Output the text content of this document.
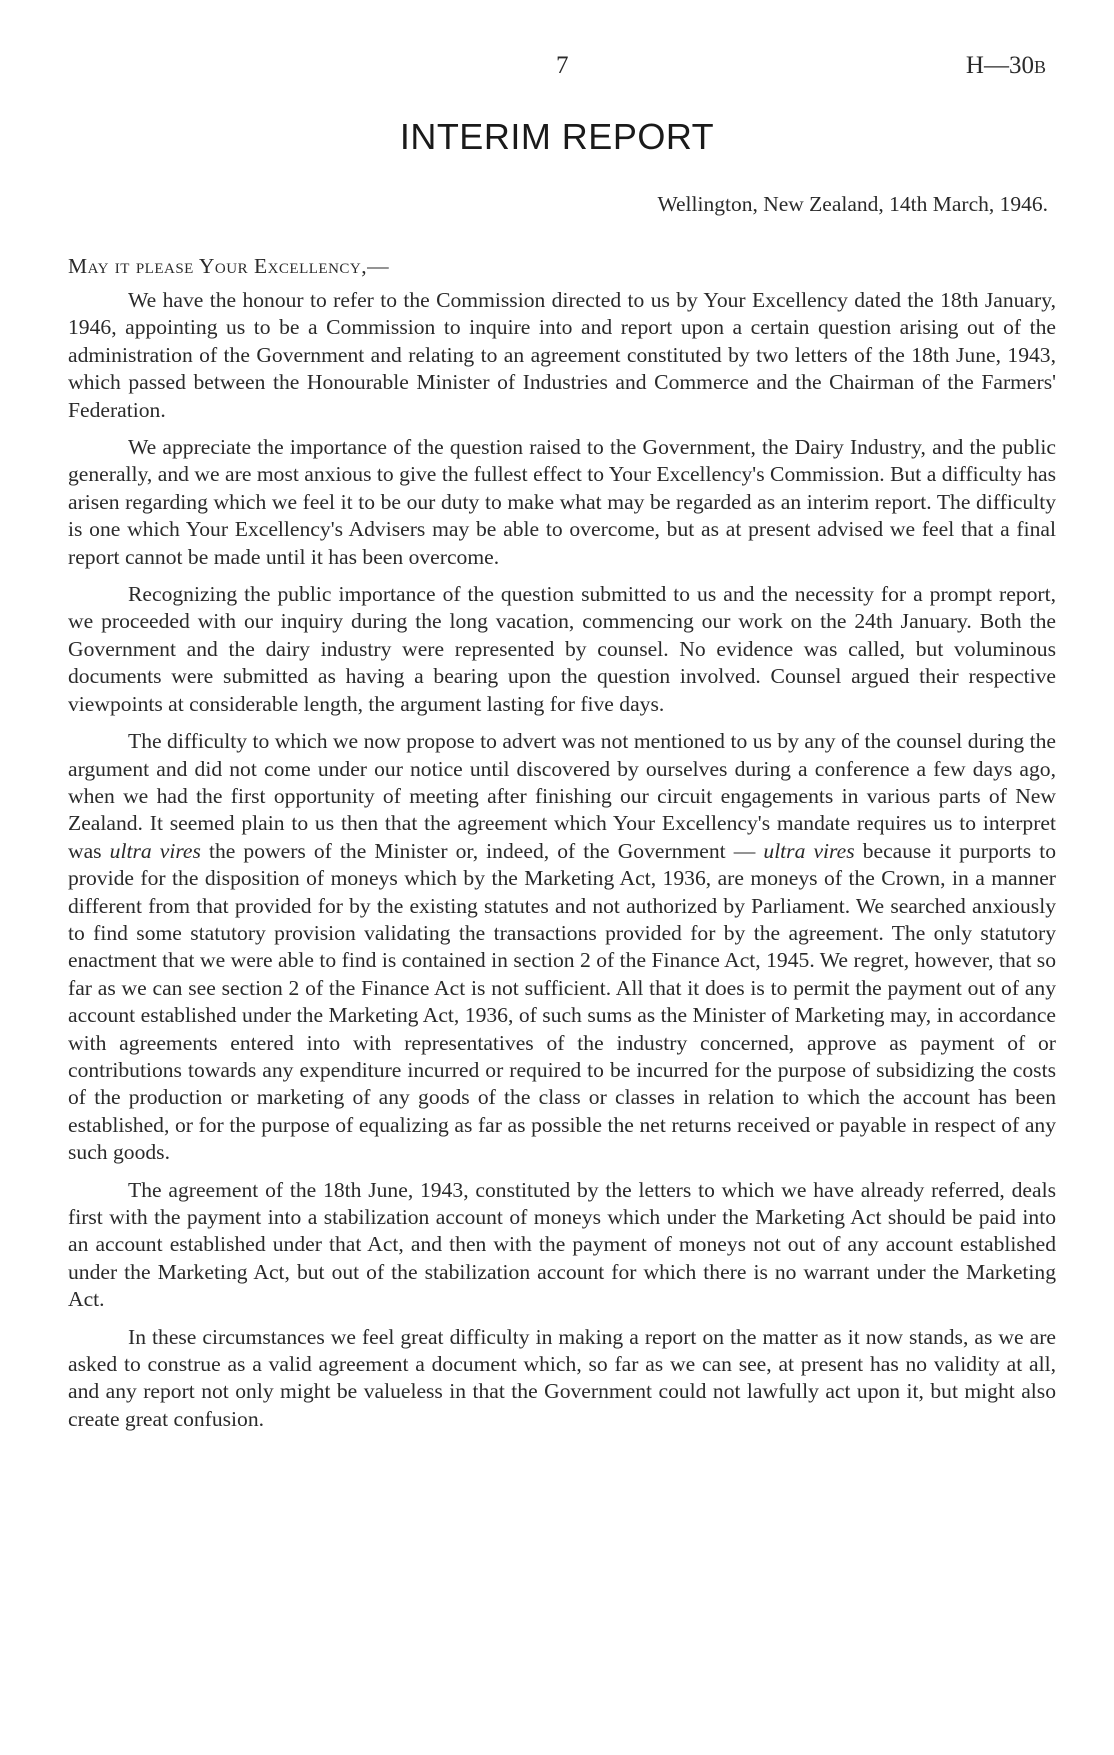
7	H—30B
INTERIM REPORT
Wellington, New Zealand, 14th March, 1946.
May it please Your Excellency,—

We have the honour to refer to the Commission directed to us by Your Excellency dated the 18th January, 1946, appointing us to be a Commission to inquire into and report upon a certain question arising out of the administration of the Government and relating to an agreement constituted by two letters of the 18th June, 1943, which passed between the Honourable Minister of Industries and Commerce and the Chairman of the Farmers' Federation.

We appreciate the importance of the question raised to the Government, the Dairy Industry, and the public generally, and we are most anxious to give the fullest effect to Your Excellency's Commission. But a difficulty has arisen regarding which we feel it to be our duty to make what may be regarded as an interim report. The difficulty is one which Your Excellency's Advisers may be able to overcome, but as at present advised we feel that a final report cannot be made until it has been overcome.

Recognizing the public importance of the question submitted to us and the necessity for a prompt report, we proceeded with our inquiry during the long vacation, commencing our work on the 24th January. Both the Government and the dairy industry were represented by counsel. No evidence was called, but voluminous documents were submitted as having a bearing upon the question involved. Counsel argued their respective viewpoints at considerable length, the argument lasting for five days.

The difficulty to which we now propose to advert was not mentioned to us by any of the counsel during the argument and did not come under our notice until discovered by ourselves during a conference a few days ago, when we had the first opportunity of meeting after finishing our circuit engagements in various parts of New Zealand. It seemed plain to us then that the agreement which Your Excellency's mandate requires us to interpret was ultra vires the powers of the Minister or, indeed, of the Government — ultra vires because it purports to provide for the disposition of moneys which by the Marketing Act, 1936, are moneys of the Crown, in a manner different from that provided for by the existing statutes and not authorized by Parliament. We searched anxiously to find some statutory provision validating the transactions provided for by the agreement. The only statutory enactment that we were able to find is contained in section 2 of the Finance Act, 1945. We regret, however, that so far as we can see section 2 of the Finance Act is not sufficient. All that it does is to permit the payment out of any account established under the Marketing Act, 1936, of such sums as the Minister of Marketing may, in accordance with agreements entered into with representatives of the industry concerned, approve as payment of or contributions towards any expenditure incurred or required to be incurred for the purpose of subsidizing the costs of the production or marketing of any goods of the class or classes in relation to which the account has been established, or for the purpose of equalizing as far as possible the net returns received or payable in respect of any such goods.

The agreement of the 18th June, 1943, constituted by the letters to which we have already referred, deals first with the payment into a stabilization account of moneys which under the Marketing Act should be paid into an account established under that Act, and then with the payment of moneys not out of any account established under the Marketing Act, but out of the stabilization account for which there is no warrant under the Marketing Act.

In these circumstances we feel great difficulty in making a report on the matter as it now stands, as we are asked to construe as a valid agreement a document which, so far as we can see, at present has no validity at all, and any report not only might be valueless in that the Government could not lawfully act upon it, but might also create great confusion.
